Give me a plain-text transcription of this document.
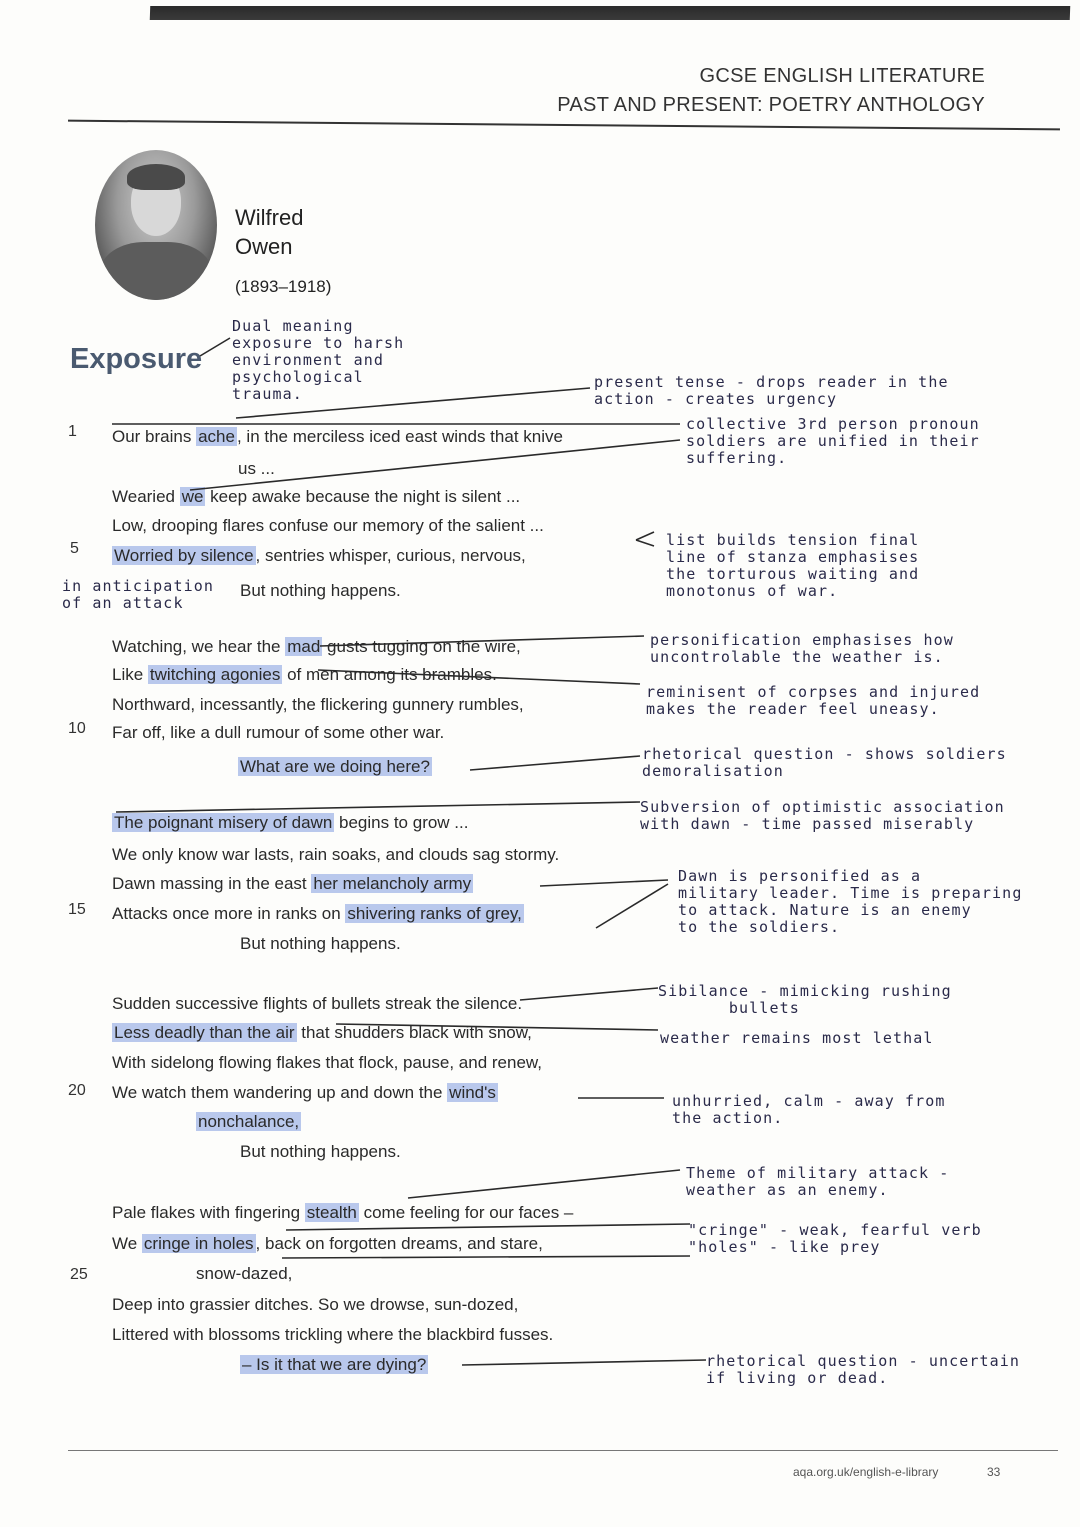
GCSE ENGLISH LITERATURE
PAST AND PRESENT: POETRY ANTHOLOGY
Wilfred
Owen
(1893–1918)
Exposure
Dual meaning
exposure to harsh
environment and
psychological
trauma.
1
5
10
15
20
25
Our brains ache , in the merciless iced east winds that knive
us ...
Wearied we keep awake because the night is silent ...
Low, drooping flares confuse our memory of the salient ...
Worried by silence , sentries whisper, curious, nervous,
But nothing happens.
Watching, we hear the mad gusts tugging on the wire,
Like twitching agonies of men among its brambles.
Northward, incessantly, the flickering gunnery rumbles,
Far off, like a dull rumour of some other war.
What are we doing here?
The poignant misery of dawn begins to grow ...
We only know war lasts, rain soaks, and clouds sag stormy.
Dawn massing in the east her melancholy army
Attacks once more in ranks on shivering ranks of grey,
But nothing happens.
Sudden successive flights of bullets streak the silence.
Less deadly than the air that shudders black with snow,
With sidelong flowing flakes that flock, pause, and renew,
We watch them wandering up and down the wind's
nonchalance,
But nothing happens.
Pale flakes with fingering stealth come feeling for our faces –
We cringe in holes , back on forgotten dreams, and stare,
snow-dazed,
Deep into grassier ditches. So we drowse, sun-dozed,
Littered with blossoms trickling where the blackbird fusses.
– Is it that we are dying?
present tense - drops reader in the
action - creates urgency
collective 3rd person pronoun
soldiers are unified in their
suffering.
list builds tension final
line of stanza emphasises
the torturous waiting and
monotonus of war.
in anticipation
of an attack
personification emphasises how
uncontrolable the weather is.
reminisent of corpses and injured
makes the reader feel uneasy.
rhetorical question - shows soldiers
demoralisation
Subversion of optimistic association
with dawn - time passed miserably
Dawn is personified as a
military leader. Time is preparing
to attack. Nature is an enemy
to the soldiers.
Sibilance - mimicking rushing
bullets
weather remains most lethal
unhurried, calm - away from
the action.
Theme of military attack -
weather as an enemy.
"cringe" - weak, fearful verb
"holes" - like prey
rhetorical question - uncertain
if living or dead.
aqa.org.uk/english-e-library	33
